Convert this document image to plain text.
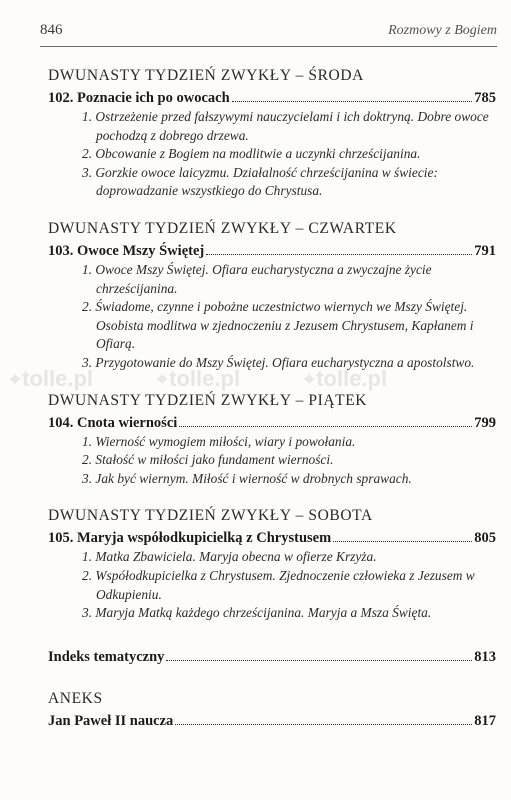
846	Rozmowy z Bogiem
⌖ tolle.pl	⌖ tolle.pl	⌖ tolle.pl
DWUNASTY TYDZIEŃ ZWYKŁY – ŚRODA
102. Poznacie ich po owocach	785
1. Ostrzeżenie przed fałszywymi nauczycielami i ich doktryną. Dobre owoce pochodzą z dobrego drzewa.
2. Obcowanie z Bogiem na modlitwie a uczynki chrześcijanina.
3. Gorzkie owoce laicyzmu. Działalność chrześcijanina w świecie: doprowadzanie wszystkiego do Chrystusa.
DWUNASTY TYDZIEŃ ZWYKŁY – CZWARTEK
103. Owoce Mszy Świętej	791
1. Owoce Mszy Świętej. Ofiara eucharystyczna a zwyczajne życie chrześcijanina.
2. Świadome, czynne i pobożne uczestnictwo wiernych we Mszy Świętej. Osobista modlitwa w zjednoczeniu z Jezusem Chrystusem, Kapłanem i Ofiarą.
3. Przygotowanie do Mszy Świętej. Ofiara eucharystyczna a apostolstwo.
DWUNASTY TYDZIEŃ ZWYKŁY – PIĄTEK
104. Cnota wierności	799
1. Wierność wymogiem miłości, wiary i powołania.
2. Stałość w miłości jako fundament wierności.
3. Jak być wiernym. Miłość i wierność w drobnych sprawach.
DWUNASTY TYDZIEŃ ZWYKŁY – SOBOTA
105. Maryja współodkupicielką z Chrystusem	805
1. Matka Zbawiciela. Maryja obecna w ofierze Krzyża.
2. Współodkupicielka z Chrystusem. Zjednoczenie człowieka z Jezusem w Odkupieniu.
3. Maryja Matką każdego chrześcijanina. Maryja a Msza Święta.
Indeks tematyczny	813
ANEKS
Jan Paweł II naucza	817
